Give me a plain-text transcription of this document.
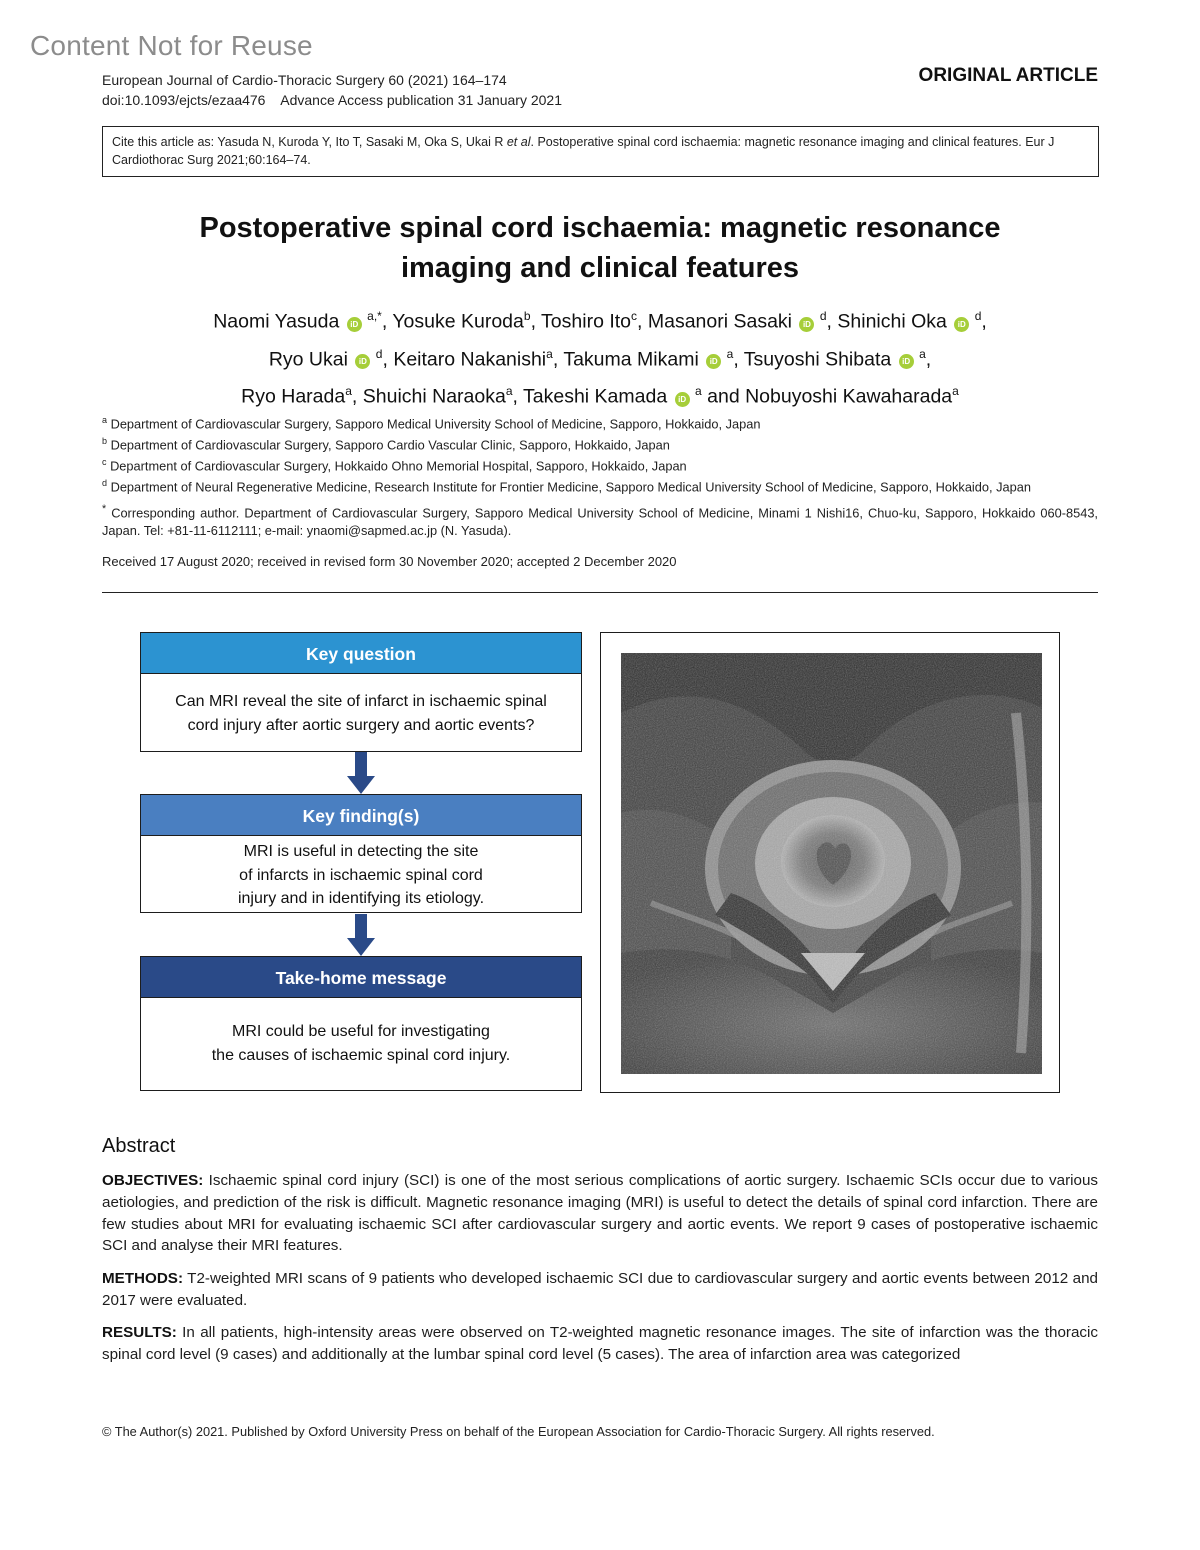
Content Not for Reuse
European Journal of Cardio-Thoracic Surgery 60 (2021) 164–174
doi:10.1093/ejcts/ezaa476    Advance Access publication 31 January 2021
ORIGINAL ARTICLE
Cite this article as: Yasuda N, Kuroda Y, Ito T, Sasaki M, Oka S, Ukai R et al. Postoperative spinal cord ischaemia: magnetic resonance imaging and clinical features. Eur J Cardiothorac Surg 2021;60:164–74.
Postoperative spinal cord ischaemia: magnetic resonance imaging and clinical features
Naomi Yasuda iD $^{a,*}$, Yosuke Kuroda$^b$, Toshiro Ito$^c$, Masanori Sasaki iD $^d$, Shinichi Oka iD $^d$,
Ryo Ukai iD $^d$, Keitaro Nakanishi$^a$, Takuma Mikami iD $^a$, Tsuyoshi Shibata iD $^a$,
Ryo Harada$^a$, Shuichi Naraoka$^a$, Takeshi Kamada iD $^a$ and Nobuyoshi Kawaharada$^a$
$^a$ Department of Cardiovascular Surgery, Sapporo Medical University School of Medicine, Sapporo, Hokkaido, Japan
$^b$ Department of Cardiovascular Surgery, Sapporo Cardio Vascular Clinic, Sapporo, Hokkaido, Japan
$^c$ Department of Cardiovascular Surgery, Hokkaido Ohno Memorial Hospital, Sapporo, Hokkaido, Japan
$^d$ Department of Neural Regenerative Medicine, Research Institute for Frontier Medicine, Sapporo Medical University School of Medicine, Sapporo, Hokkaido, Japan
* Corresponding author. Department of Cardiovascular Surgery, Sapporo Medical University School of Medicine, Minami 1 Nishi16, Chuo-ku, Sapporo, Hokkaido 060-8543, Japan. Tel: +81-11-6112111; e-mail: ynaomi@sapmed.ac.jp (N. Yasuda).
Received 17 August 2020; received in revised form 30 November 2020; accepted 2 December 2020
Key question
Can MRI reveal the site of infarct in ischaemic spinal
cord injury after aortic surgery and aortic events?
Key finding(s)
MRI is useful in detecting the site
of infarcts in ischaemic spinal cord
injury and in identifying its etiology.
Take-home message
MRI could be useful for investigating
the causes of ischaemic spinal cord injury.
Abstract
OBJECTIVES: Ischaemic spinal cord injury (SCI) is one of the most serious complications of aortic surgery. Ischaemic SCIs occur due to various aetiologies, and prediction of the risk is difficult. Magnetic resonance imaging (MRI) is useful to detect the details of spinal cord infarction. There are few studies about MRI for evaluating ischaemic SCI after cardiovascular surgery and aortic events. We report 9 cases of postoperative ischaemic SCI and analyse their MRI features.
METHODS: T2-weighted MRI scans of 9 patients who developed ischaemic SCI due to cardiovascular surgery and aortic events between 2012 and 2017 were evaluated.
RESULTS: In all patients, high-intensity areas were observed on T2-weighted magnetic resonance images. The site of infarction was the thoracic spinal cord level (9 cases) and additionally at the lumbar spinal cord level (5 cases). The area of infarction area was categorized
© The Author(s) 2021. Published by Oxford University Press on behalf of the European Association for Cardio-Thoracic Surgery. All rights reserved.
